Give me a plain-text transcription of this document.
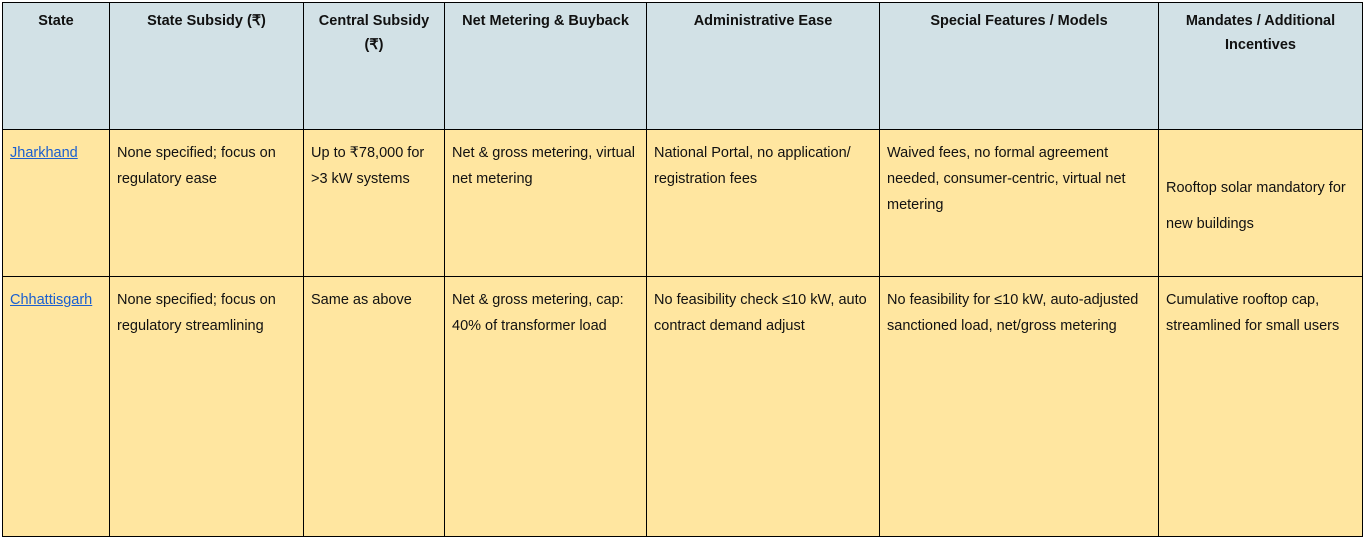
State	State Subsidy (₹)	Central Subsidy (₹)	Net Metering & Buyback	Administrative Ease	Special Features / Models	Mandates / Additional Incentives
Jharkhand	None specified; focus on regulatory ease	Up to ₹78,000 for >3 kW systems	Net & gross metering, virtual net metering	National Portal, no application/ registration fees	Waived fees, no formal agreement needed, consumer-centric, virtual net metering	Rooftop solar mandatory for new buildings

Chhattisgarh	None specified; focus on regulatory streamlining	Same as above	Net & gross metering, cap: 40% of transformer load	No feasibility check ≤10 kW, auto contract demand adjust	No feasibility for ≤10 kW, auto-adjusted sanctioned load, net/gross metering	Cumulative rooftop cap, streamlined for small users
